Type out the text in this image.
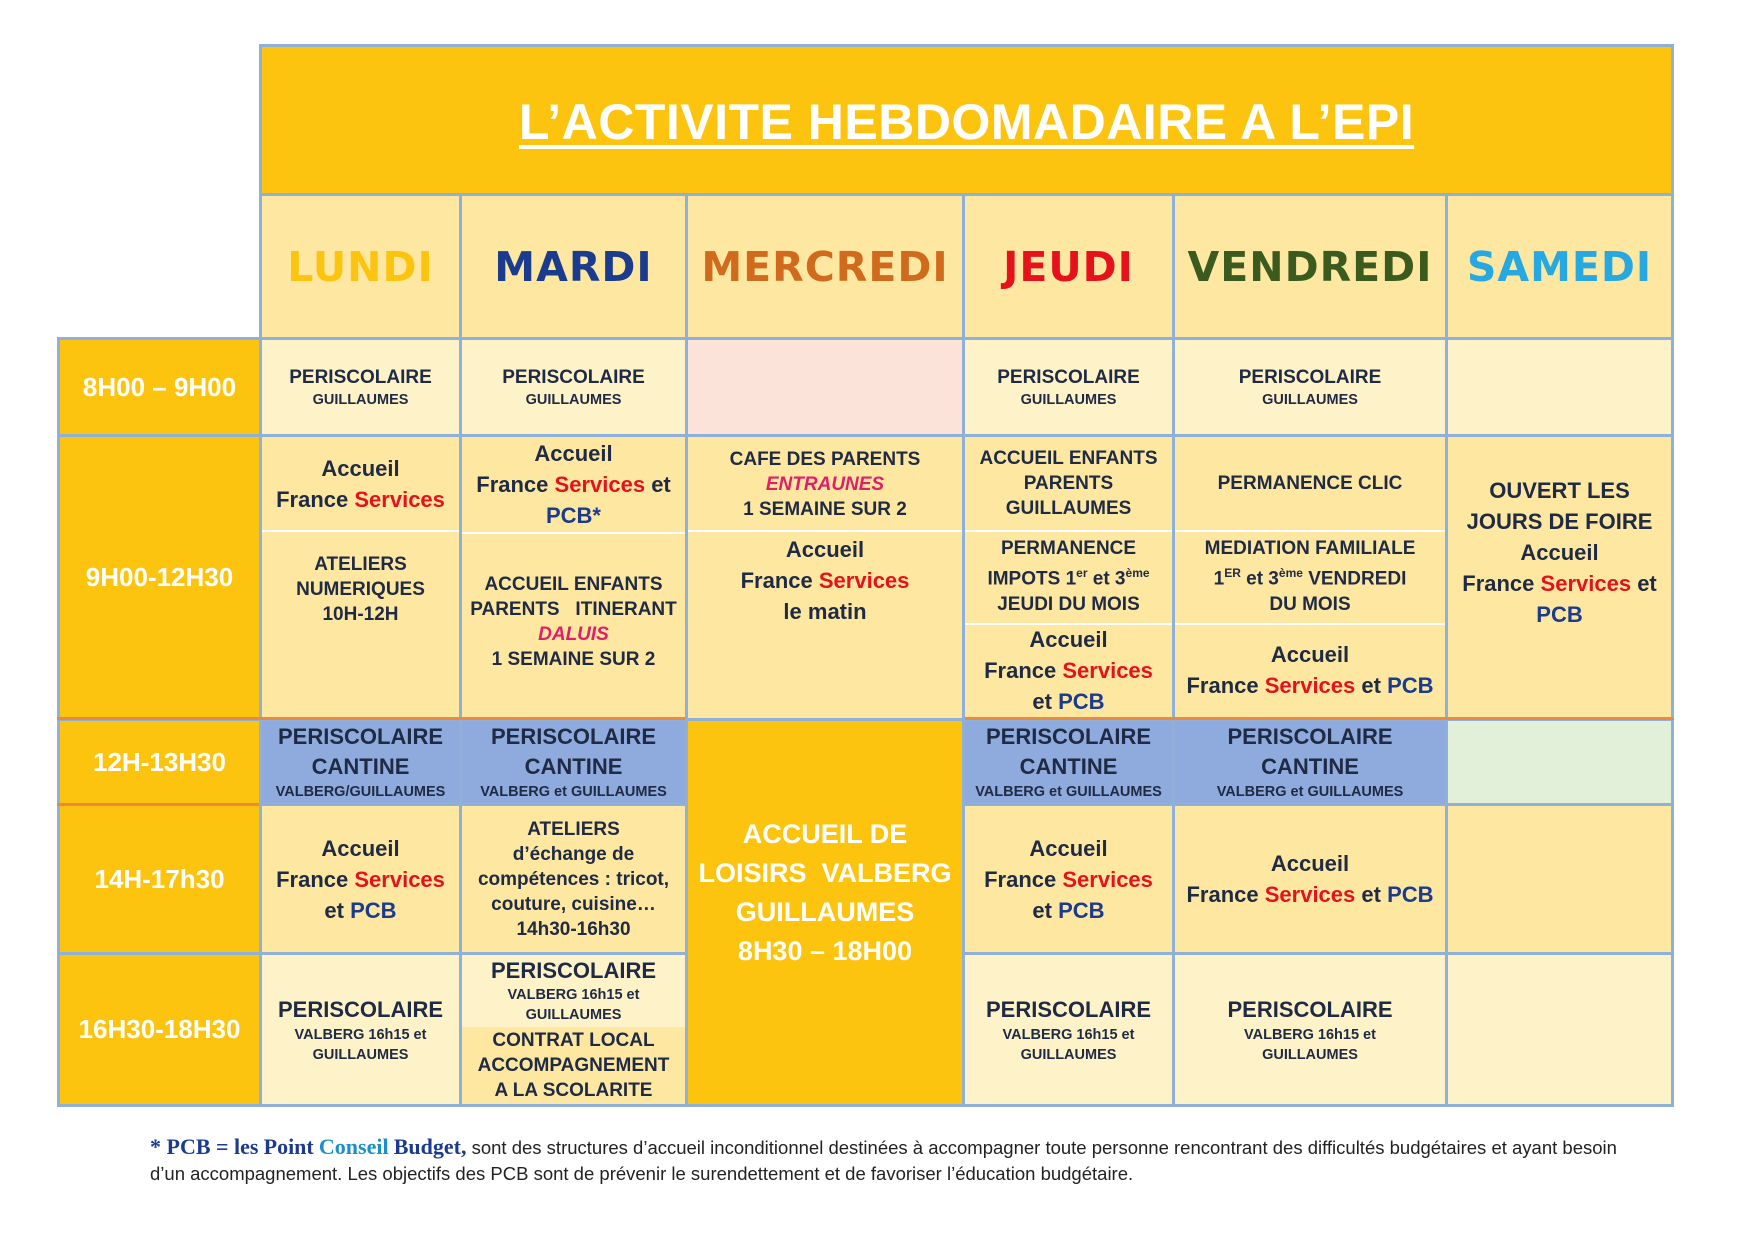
L’ACTIVITE HEBDOMADAIRE A L’EPI
LUNDI MARDI MERCREDI JEUDI VENDREDI SAMEDI
8H00 – 9H00
9H00-12H30
12H-13H30
14H-17h30
16H30-18H30
PERISCOLAIRE
GUILLAUMES
PERISCOLAIRE
GUILLAUMES
PERISCOLAIRE
GUILLAUMES
PERISCOLAIRE
GUILLAUMES
Accueil
France Services
ATELIERS
NUMERIQUES
10H-12H
Accueil
France Services et
PCB*
ACCUEIL ENFANTS
PARENTS   ITINERANT
DALUIS
1 SEMAINE SUR 2
CAFE DES PARENTS
ENTRAUNES
1 SEMAINE SUR 2
Accueil
France Services
le matin
ACCUEIL ENFANTS
PARENTS
GUILLAUMES
PERMANENCE
IMPOTS 1er et 3ème
JEUDI DU MOIS
Accueil
France Services
et PCB
PERMANENCE CLIC
MEDIATION FAMILIALE
1ER et 3ème VENDREDI
DU MOIS
Accueil
France Services et PCB
OUVERT LES
JOURS DE FOIRE
Accueil
France Services et
PCB
PERISCOLAIRE
CANTINE
VALBERG/GUILLAUMES
PERISCOLAIRE
CANTINE
VALBERG et GUILLAUMES
PERISCOLAIRE
CANTINE
VALBERG et GUILLAUMES
PERISCOLAIRE
CANTINE
VALBERG et GUILLAUMES
ACCUEIL DE
LOISIRS  VALBERG
GUILLAUMES
8H30 – 18H00
Accueil
France Services
et PCB
ATELIERS
d’échange de
compétences : tricot,
couture, cuisine…
14h30-16h30
Accueil
France Services
et PCB
Accueil
France Services et PCB
PERISCOLAIRE
VALBERG 16h15 et
GUILLAUMES
PERISCOLAIRE
VALBERG 16h15 et
GUILLAUMES
CONTRAT LOCAL
ACCOMPAGNEMENT
A LA SCOLARITE
PERISCOLAIRE
VALBERG 16h15 et
GUILLAUMES
PERISCOLAIRE
VALBERG 16h15 et
GUILLAUMES
* PCB = les Point Conseil Budget, sont des structures d’accueil inconditionnel destinées à accompagner toute personne rencontrant des difficultés budgétaires et ayant besoin d’un accompagnement. Les objectifs des PCB sont de prévenir le surendettement et de favoriser l’éducation budgétaire.
